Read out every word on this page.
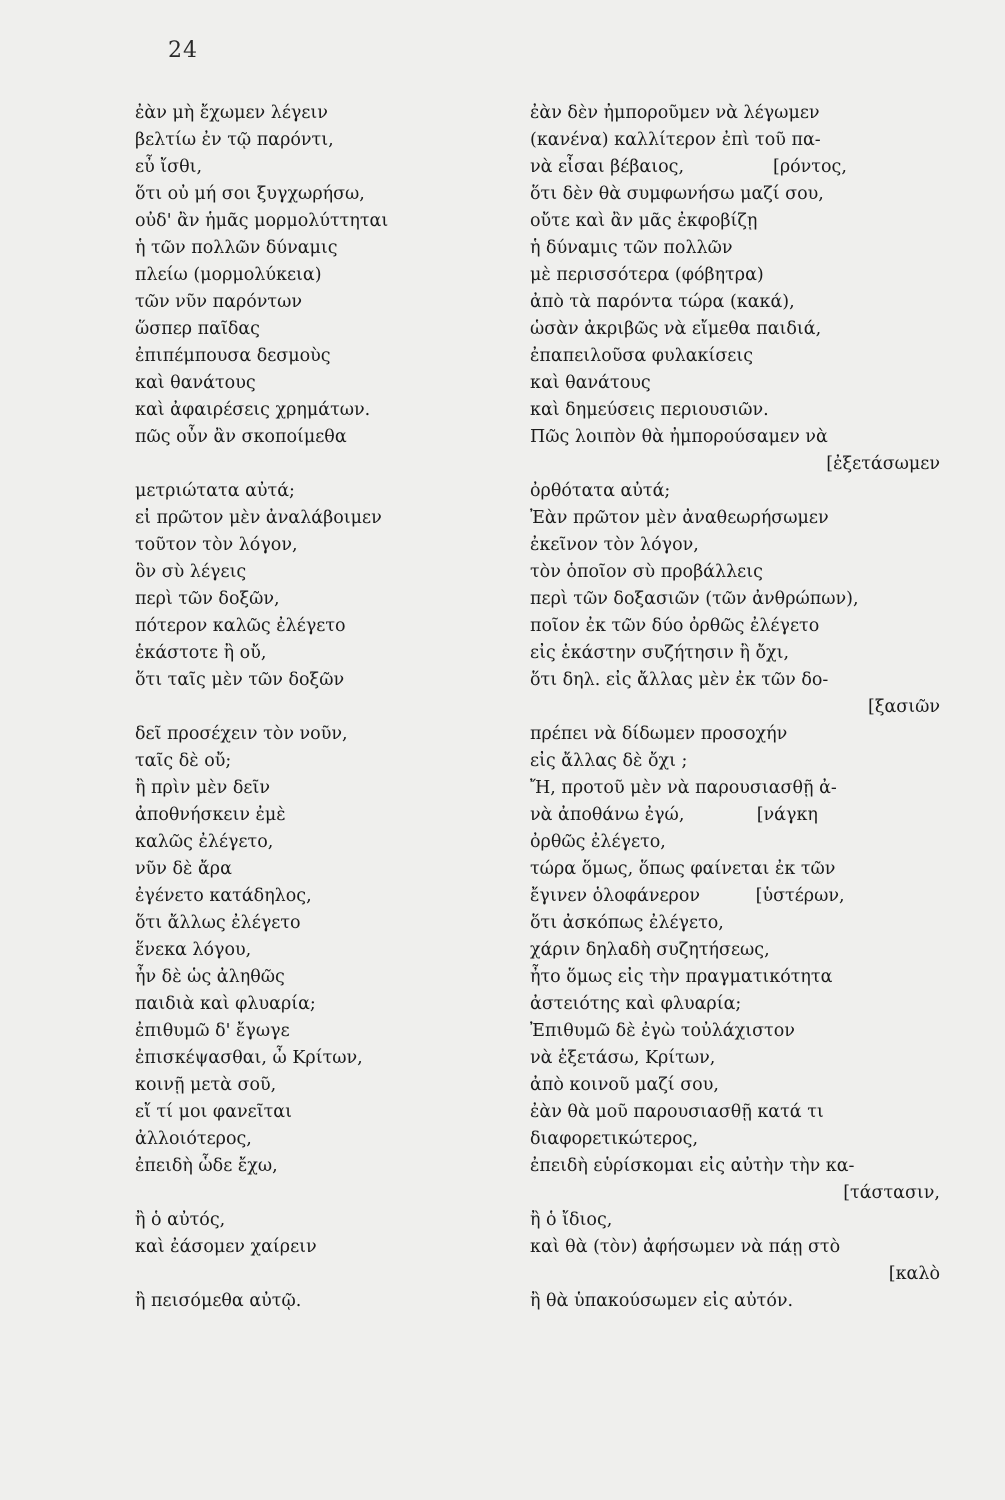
24
ἐὰν μὴ ἔχωμεν λέγειν
βελτίω ἐν τῷ παρόντι,
εὖ ἴσθι,
ὅτι οὐ μή σοι ξυγχωρήσω,
οὐδ' ἂν ἡμᾶς μορμολύττηται
ἡ τῶν πολλῶν δύναμις
πλείω (μορμολύκεια)
τῶν νῦν παρόντων
ὥσπερ παῖδας
ἐπιπέμπουσα δεσμοὺς
καὶ θανάτους
καὶ ἀφαιρέσεις χρημάτων.
πῶς οὖν ἂν σκοποίμεθα
μετριώτατα αὐτά;
εἰ πρῶτον μὲν ἀναλάβοιμεν
τοῦτον τὸν λόγον,
ὃν σὺ λέγεις
περὶ τῶν δοξῶν,
πότερον καλῶς ἐλέγετο
ἑκάστοτε ἢ οὔ,
ὅτι ταῖς μὲν τῶν δοξῶν
δεῖ προσέχειν τὸν νοῦν,
ταῖς δὲ οὔ;
ἢ πρὶν μὲν δεῖν
ἀποθνήσκειν ἐμὲ
καλῶς ἐλέγετο,
νῦν δὲ ἄρα
ἐγένετο κατάδηλος,
ὅτι ἄλλως ἐλέγετο
ἕνεκα λόγου,
ἦν δὲ ὡς ἀληθῶς
παιδιὰ καὶ φλυαρία;
ἐπιθυμῶ δ' ἔγωγε
ἐπισκέψασθαι, ὦ Κρίτων,
κοινῇ μετὰ σοῦ,
εἴ τί μοι φανεῖται
ἀλλοιότερος,
ἐπειδὴ ὧδε ἔχω,
ἢ ὁ αὐτός,
καὶ ἐάσομεν χαίρειν
ἢ πεισόμεθα αὐτῷ.
ἐὰν δὲν ἠμποροῦμεν νὰ λέγωμεν
(κανένα) καλλίτερον ἐπὶ τοῦ πα-
νὰ εἶσαι βέβαιος,                [ρόντος,
ὅτι δὲν θὰ συμφωνήσω μαζί σου,
οὔτε καὶ ἂν μᾶς ἐκφοβίζῃ
ἡ δύναμις τῶν πολλῶν
μὲ περισσότερα (φόβητρα)
ἀπὸ τὰ παρόντα τώρα (κακά),
ὡσὰν ἀκριβῶς νὰ εἴμεθα παιδιά,
ἐπαπειλοῦσα φυλακίσεις
καὶ θανάτους
καὶ δημεύσεις περιουσιῶν.
Πῶς λοιπὸν θὰ ἠμπορούσαμεν νὰ
[ἐξετάσωμεν
ὀρθότατα αὐτά;
Ἐὰν πρῶτον μὲν ἀναθεωρήσωμεν
ἐκεῖνον τὸν λόγον,
τὸν ὁποῖον σὺ προβάλλεις
περὶ τῶν δοξασιῶν (τῶν ἀνθρώπων),
ποῖον ἐκ τῶν δύο ὀρθῶς ἐλέγετο
εἰς ἑκάστην συζήτησιν ἢ ὄχι,
ὅτι δηλ. εἰς ἄλλας μὲν ἐκ τῶν δο-
[ξασιῶν
πρέπει νὰ δίδωμεν προσοχήν
εἰς ἄλλας δὲ ὄχι ;
Ἤ, προτοῦ μὲν νὰ παρουσιασθῇ ἀ-
νὰ ἀποθάνω ἐγώ,             [νάγκη
ὀρθῶς ἐλέγετο,
τώρα ὅμως, ὅπως φαίνεται ἐκ τῶν
ἔγινεν ὁλοφάνερον          [ὑστέρων,
ὅτι ἀσκόπως ἐλέγετο,
χάριν δηλαδὴ συζητήσεως,
ἦτο ὅμως εἰς τὴν πραγματικότητα
ἀστειότης καὶ φλυαρία;
Ἐπιθυμῶ δὲ ἐγὼ τοὐλάχιστον
νὰ ἐξετάσω, Κρίτων,
ἀπὸ κοινοῦ μαζί σου,
ἐὰν θὰ μοῦ παρουσιασθῇ κατά τι
διαφορετικώτερος,
ἐπειδὴ εὑρίσκομαι εἰς αὐτὴν τὴν κα-
[τάστασιν,
ἢ ὁ ἴδιος,
καὶ θὰ (τὸν) ἀφήσωμεν νὰ πάῃ στὸ
[καλὸ
ἢ θὰ ὑπακούσωμεν εἰς αὐτόν.
